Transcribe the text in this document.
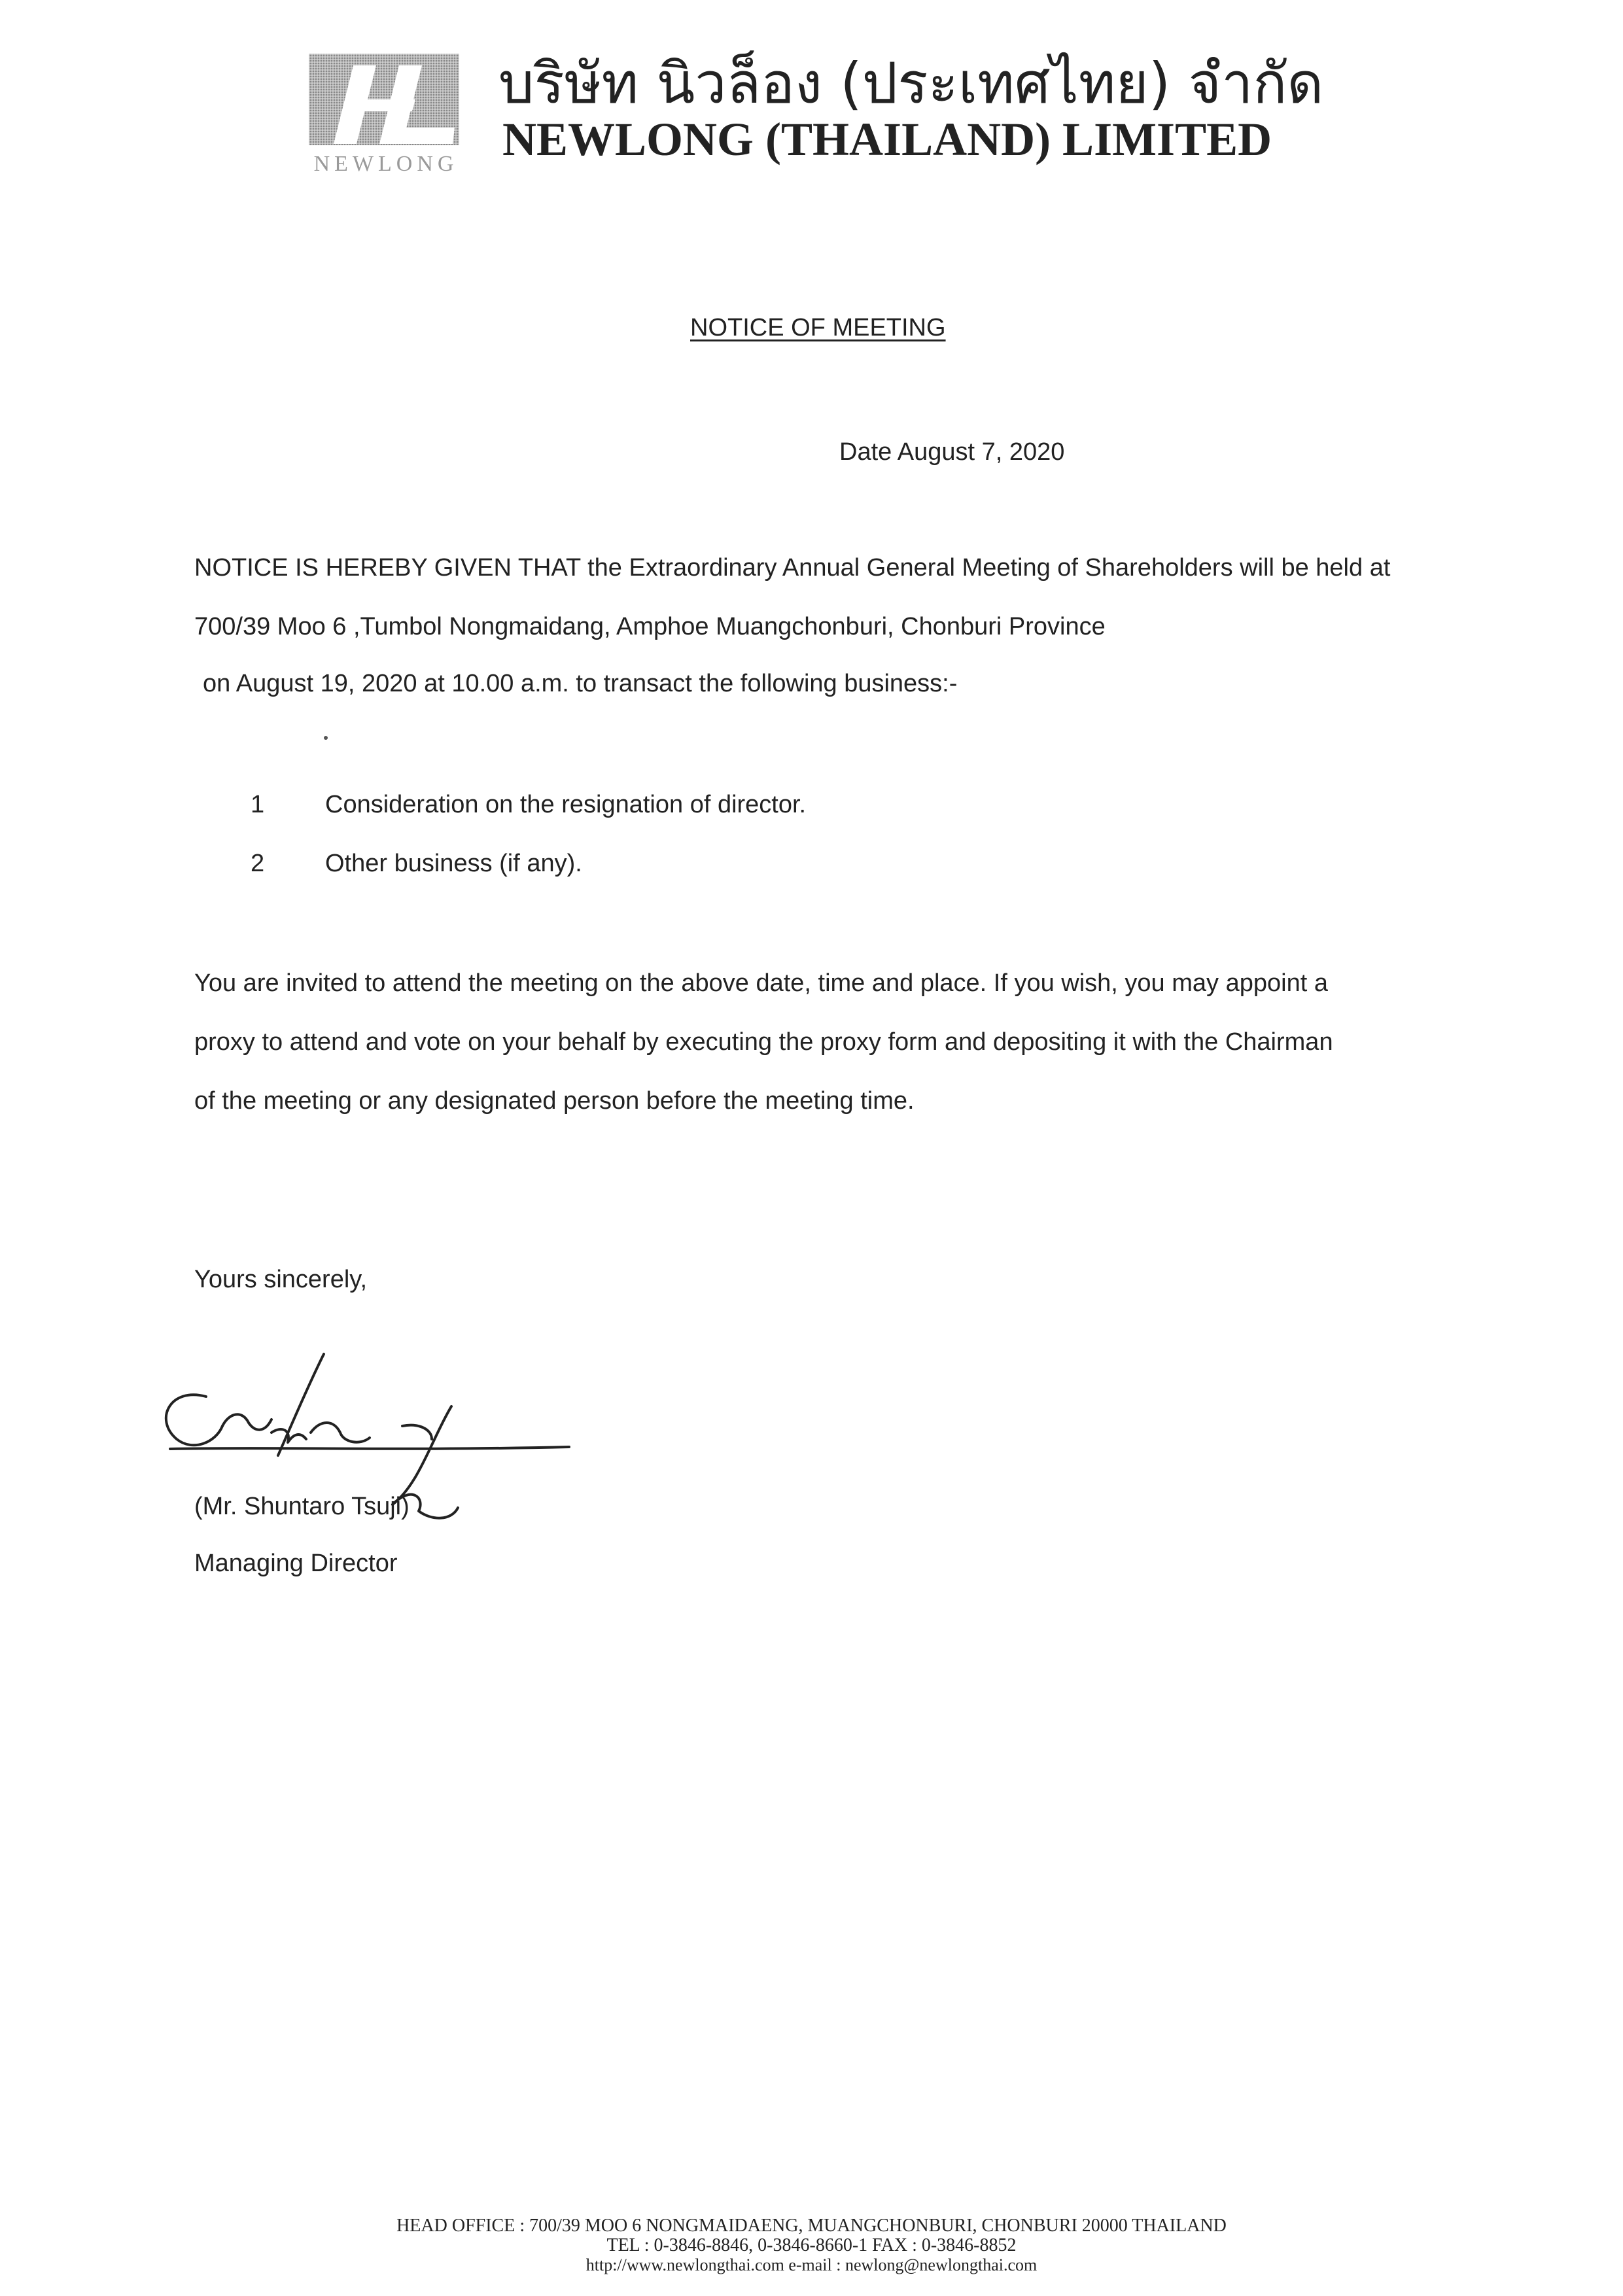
NEWLONG
บริษัท นิวล็อง (ประเทศไทย) จำกัด
NEWLONG (THAILAND) LIMITED
NOTICE OF MEETING
Date August 7, 2020
NOTICE IS HEREBY GIVEN THAT the Extraordinary Annual General Meeting of Shareholders will be held at
700/39 Moo 6 ,Tumbol Nongmaidang, Amphoe Muangchonburi, Chonburi Province
on August 19, 2020 at 10.00 a.m. to transact the following business:-
1	Consideration on the resignation of director.
2	Other business (if any).
You are invited to attend the meeting on the above date, time and place. If you wish, you may appoint a
proxy to attend and vote on your behalf by executing the proxy form and depositing it with the Chairman
of the meeting or any designated person before the meeting time.
Yours sincerely,
(Mr. Shuntaro Tsuji)
Managing Director
HEAD OFFICE : 700/39 MOO 6 NONGMAIDAENG, MUANGCHONBURI, CHONBURI 20000 THAILAND
TEL : 0-3846-8846, 0-3846-8660-1 FAX : 0-3846-8852
http://www.newlongthai.com e-mail : newlong@newlongthai.com
